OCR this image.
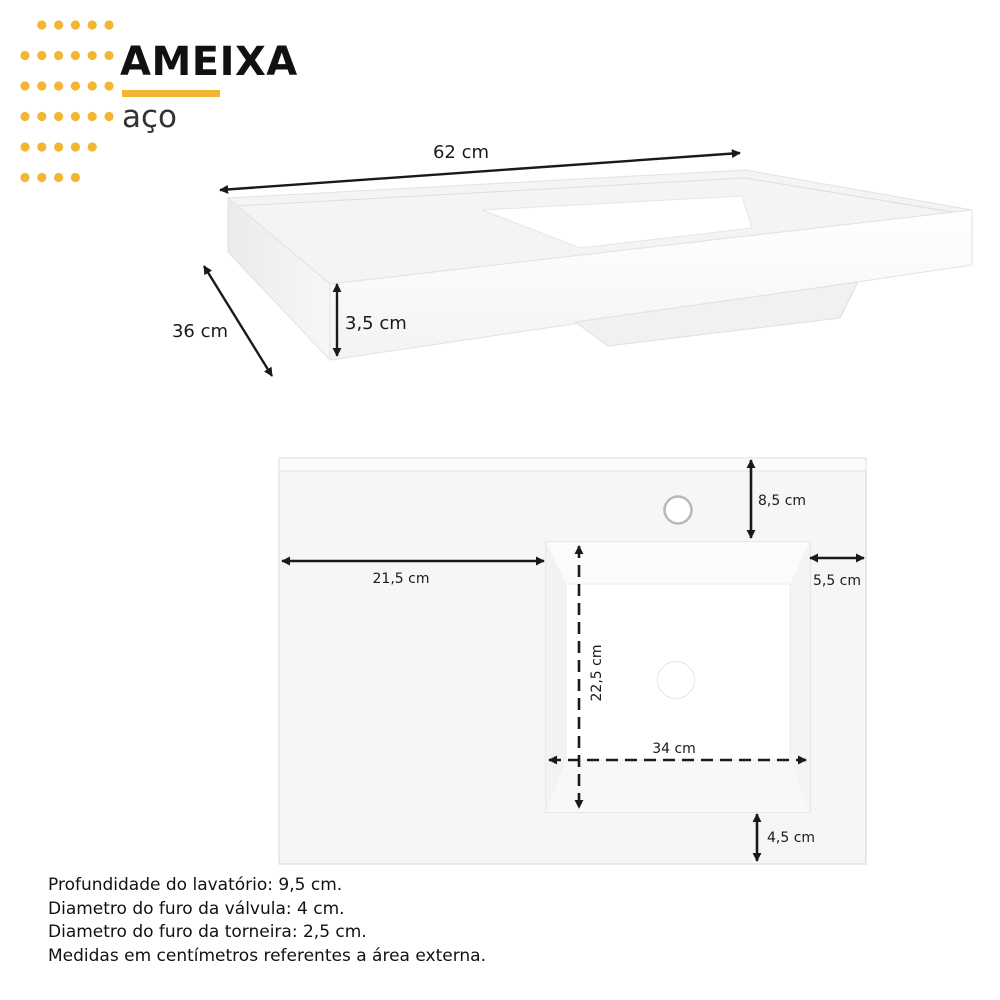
AMEIXA
aço
62 cm
36 cm	3,5 cm
8,5 cm
21,5 cm	5,5 cm
22,5 cm
34 cm
4,5 cm
Profundidade do lavatório: 9,5 cm.
Diametro do furo da válvula: 4 cm.
Diametro do furo da torneira: 2,5 cm.
Medidas em centímetros referentes a área externa.
